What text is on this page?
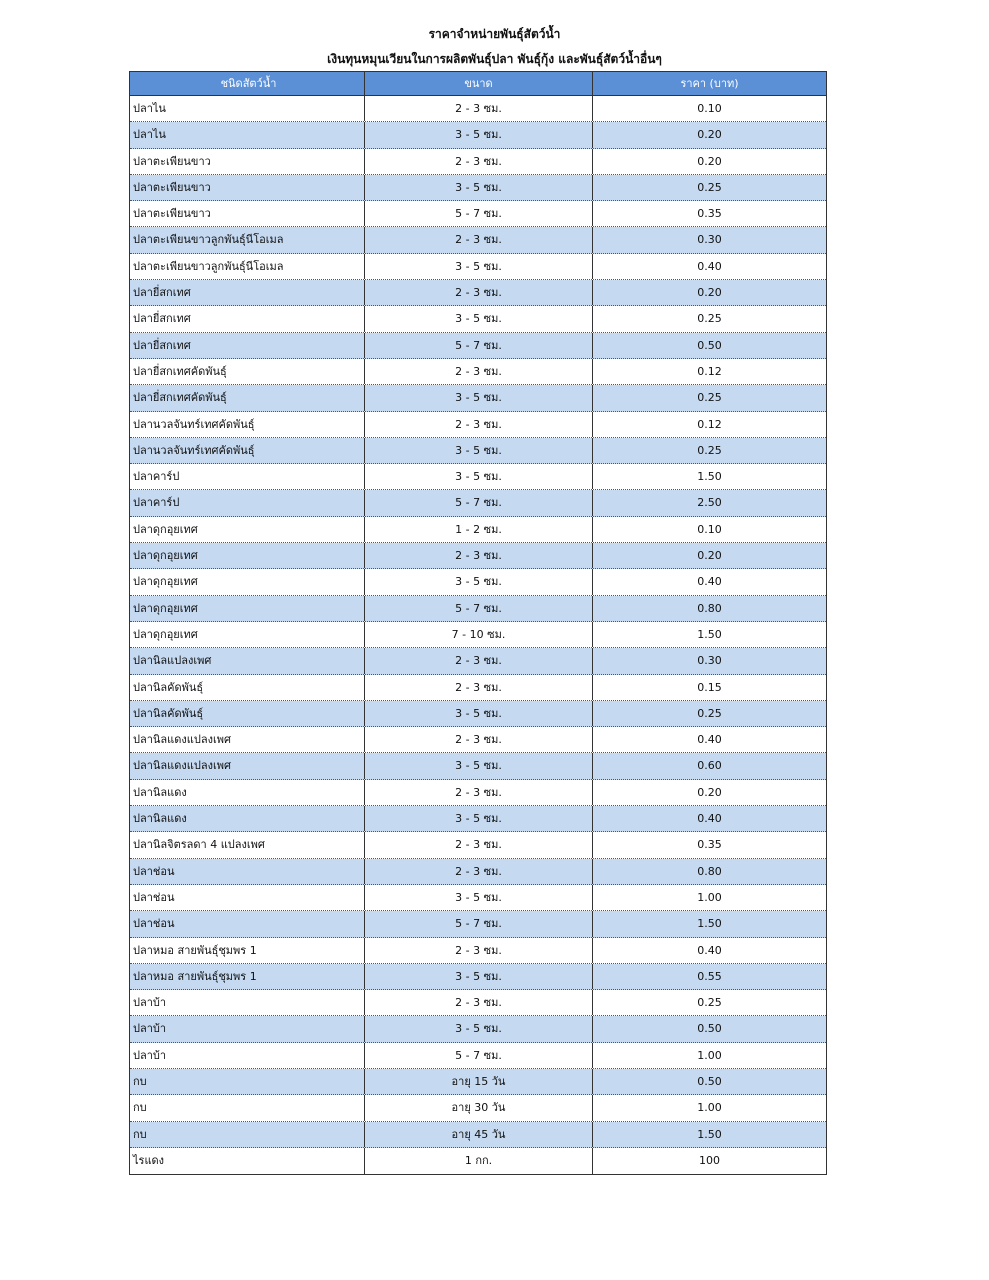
ราคาจำหน่ายพันธุ์สัตว์น้ำ
เงินทุนหมุนเวียนในการผลิตพันธุ์ปลา พันธุ์กุ้ง และพันธุ์สัตว์น้ำอื่นๆ
ชนิดสัตว์น้ำ	ขนาด	ราคา (บาท)
ปลาไน	2 - 3 ซม.	0.10
ปลาไน	3 - 5 ซม.	0.20
ปลาตะเพียนขาว	2 - 3 ซม.	0.20
ปลาตะเพียนขาว	3 - 5 ซม.	0.25
ปลาตะเพียนขาว	5 - 7 ซม.	0.35
ปลาตะเพียนขาวลูกพันธุ์นีโอเมล	2 - 3 ซม.	0.30
ปลาตะเพียนขาวลูกพันธุ์นีโอเมล	3 - 5 ซม.	0.40
ปลายี่สกเทศ	2 - 3 ซม.	0.20
ปลายี่สกเทศ	3 - 5 ซม.	0.25
ปลายี่สกเทศ	5 - 7 ซม.	0.50
ปลายี่สกเทศคัดพันธุ์	2 - 3 ซม.	0.12
ปลายี่สกเทศคัดพันธุ์	3 - 5 ซม.	0.25
ปลานวลจันทร์เทศคัดพันธุ์	2 - 3 ซม.	0.12
ปลานวลจันทร์เทศคัดพันธุ์	3 - 5 ซม.	0.25
ปลาคาร์ป	3 - 5 ซม.	1.50
ปลาคาร์ป	5 - 7 ซม.	2.50
ปลาดุกอุยเทศ	1 - 2 ซม.	0.10
ปลาดุกอุยเทศ	2 - 3 ซม.	0.20
ปลาดุกอุยเทศ	3 - 5 ซม.	0.40
ปลาดุกอุยเทศ	5 - 7 ซม.	0.80
ปลาดุกอุยเทศ	7 - 10 ซม.	1.50
ปลานิลแปลงเพศ	2 - 3 ซม.	0.30
ปลานิลคัดพันธุ์	2 - 3 ซม.	0.15
ปลานิลคัดพันธุ์	3 - 5 ซม.	0.25
ปลานิลแดงแปลงเพศ	2 - 3 ซม.	0.40
ปลานิลแดงแปลงเพศ	3 - 5 ซม.	0.60
ปลานิลแดง	2 - 3 ซม.	0.20
ปลานิลแดง	3 - 5 ซม.	0.40
ปลานิลจิตรลดา 4 แปลงเพศ	2 - 3 ซม.	0.35
ปลาช่อน	2 - 3 ซม.	0.80
ปลาช่อน	3 - 5 ซม.	1.00
ปลาช่อน	5 - 7 ซม.	1.50
ปลาหมอ สายพันธุ์ชุมพร 1	2 - 3 ซม.	0.40
ปลาหมอ สายพันธุ์ชุมพร 1	3 - 5 ซม.	0.55
ปลาบ้า	2 - 3 ซม.	0.25
ปลาบ้า	3 - 5 ซม.	0.50
ปลาบ้า	5 - 7 ซม.	1.00
กบ	อายุ 15 วัน	0.50
กบ	อายุ 30 วัน	1.00
กบ	อายุ 45 วัน	1.50
ไรแดง	1 กก.	100
